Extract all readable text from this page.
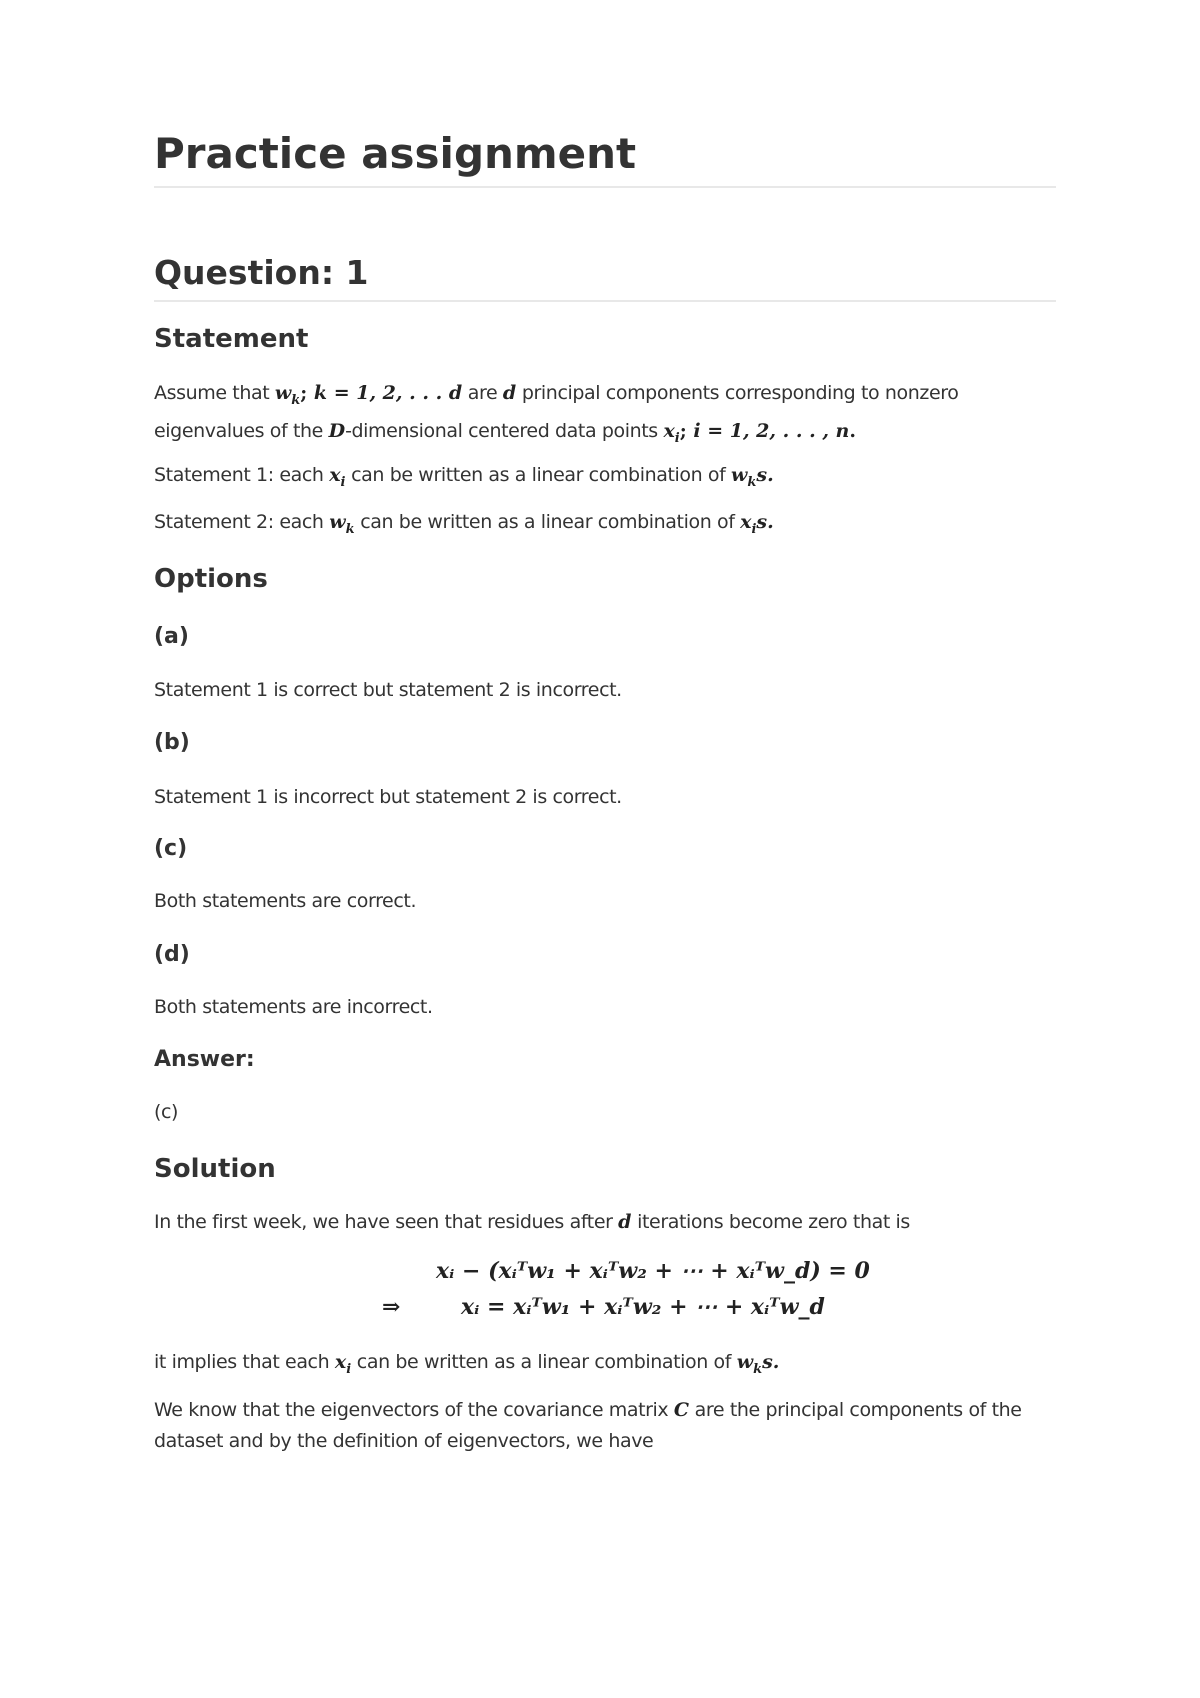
Practice assignment
Question: 1
Statement

Assume that $w_k$; k = 1, 2, . . . d are d principal components corresponding to nonzero eigenvalues of the D-dimensional centered data points $x_i$; i = 1, 2, . . . , n.

Statement 1: each $x_i$ can be written as a linear combination of $w_ks$.

Statement 2: each $w_k$ can be written as a linear combination of $x_is$.

Options
(a)

Statement 1 is correct but statement 2 is incorrect.

(b)

Statement 1 is incorrect but statement 2 is correct.

(c)

Both statements are correct.

(d)

Both statements are incorrect.

Answer:

(c)

Solution

In the first week, we have seen that residues after d iterations become zero that is

xᵢ − (xᵢᵀw₁ + xᵢᵀw₂ + ⋯ + xᵢᵀw_d) = 0
⇒	xᵢ = xᵢᵀw₁ + xᵢᵀw₂ + ⋯ + xᵢᵀw_d

it implies that each $x_i$ can be written as a linear combination of $w_ks$.

We know that the eigenvectors of the covariance matrix C are the principal components of the dataset and by the definition of eigenvectors, we have
